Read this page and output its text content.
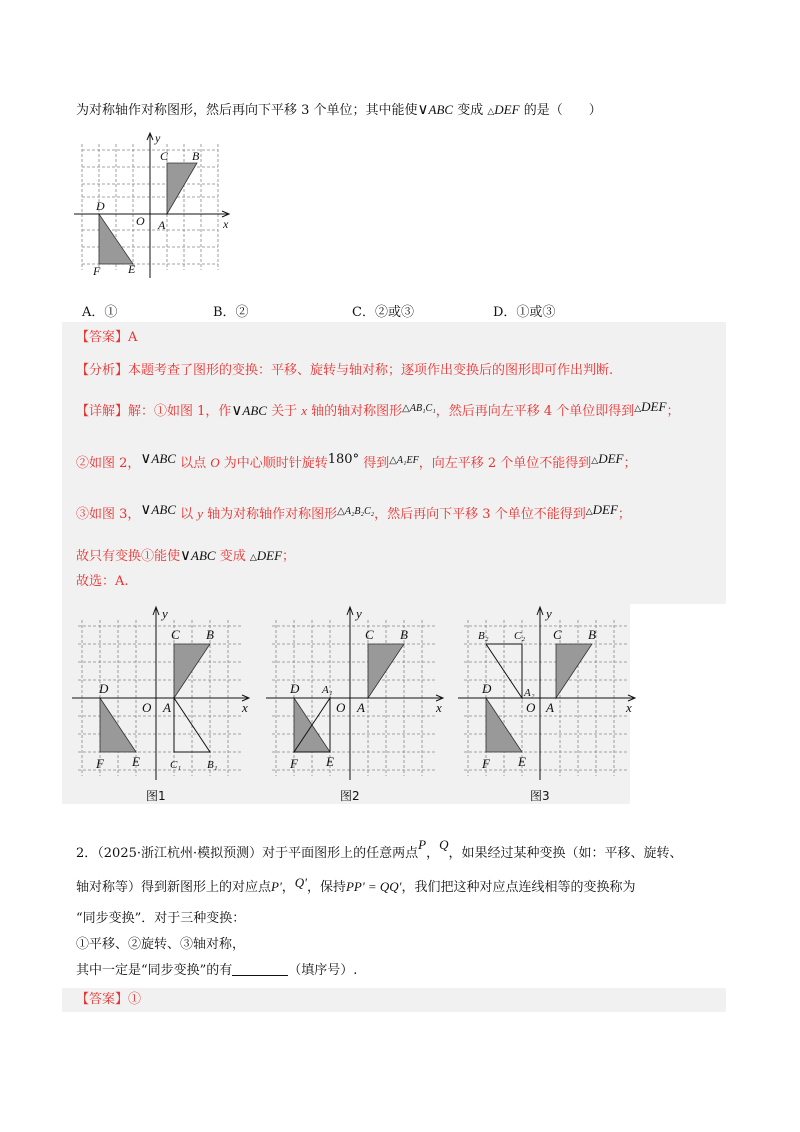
为对称轴作对称图形，然后再向下平移 3 个单位；其中能使∨ABC 变成 △DEF 的是（　　）
C B
D
O A
F E
x
y
A．①	B．②	C．②或③	D．①或③
【答案】A
【分析】本题考查了图形的变换：平移、旋转与轴对称；逐项作出变换后的图形即可作出判断.
【详解】解：①如图 1，作∨ABC 关于 x 轴的轴对称图形$^{\triangle AB_1C_1}$，然后再向左平移 4 个单位即得到△DEF；
②如图 2，∨ABC 以点 O 为中心顺时针旋转180° 得到$^{\triangle A_1EF}$，向左平移 2 个单位不能得到△DEF；
③如图 3，∨ABC 以 y 轴为对称轴作对称图形$^{\triangle A_2B_2C_2}$，然后再向下平移 3 个单位不能得到△DEF；
故只有变换①能使∨ABC 变成 △DEF；
故选：A.
C B
D
O A
F E	C₁ B₁
x
y
图1
C B
D A₁
O A
F E
x
y
图2
C B
B₂ C₂
D	A₂
O A
F E
x
y
图3
2．（2025·浙江杭州·模拟预测）对于平面图形上的任意两点P，Q，如果经过某种变换（如：平移、旋转、
轴对称等）得到新图形上的对应点P'，Q'，保持PP' = QQ'，我们把这种对应点连线相等的变换称为
“同步变换”．对于三种变换：
①平移、②旋转、③轴对称，
其中一定是“同步变换”的有	（填序号）.
【答案】①
